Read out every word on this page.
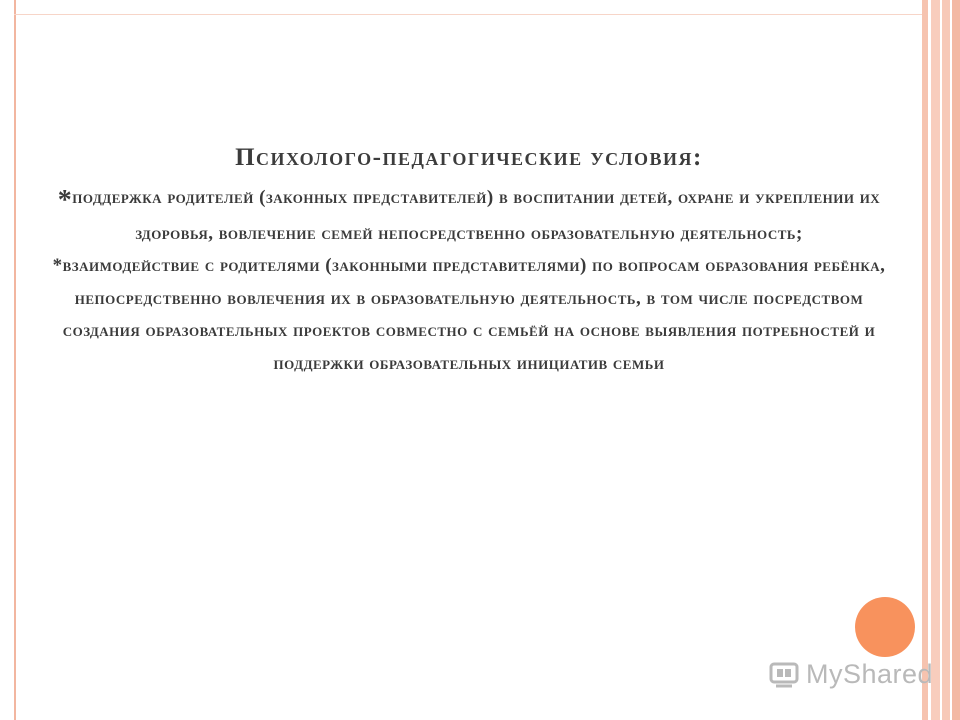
Психолого-педагогические условия:

*поддержка родителей (законных представителей) в воспитании детей, охране и укреплении их здоровья, вовлечение семей непосредственно образовательную деятельность;

*взаимодействие с родителями (законными представителями) по вопросам образования ребёнка, непосредственно вовлечения их в образовательную деятельность, в том числе посредством создания образовательных проектов совместно с семьёй на основе выявления потребностей и поддержки образовательных инициатив семьи

MyShared
